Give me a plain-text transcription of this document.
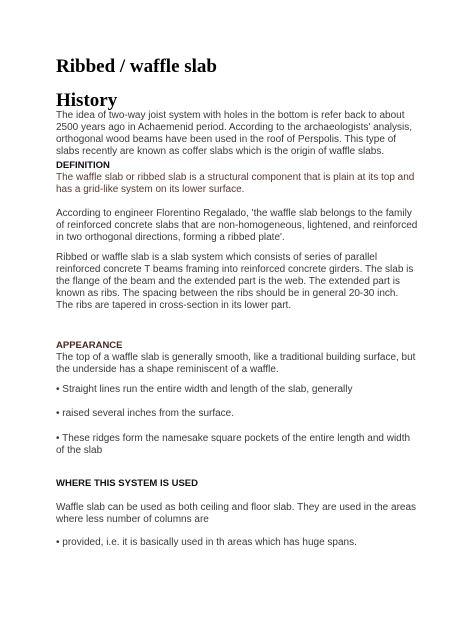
Ribbed / waffle slab
History

The idea of two-way joist system with holes in the bottom is refer back to about 2500 years ago in Achaemenid period. According to the archaeologists' analysis, orthogonal wood beams have been used in the roof of Perspolis. This type of slabs recently are known as coffer slabs which is the origin of waffle slabs.

DEFINITION

The waffle slab or ribbed slab is a structural component that is plain at its top and has a grid-like system on its lower surface.

According to engineer Florentino Regalado, 'the waffle slab belongs to the family of reinforced concrete slabs that are non-homogeneous, lightened, and reinforced in two orthogonal directions, forming a ribbed plate'.

Ribbed or waffle slab is a slab system which consists of series of parallel reinforced concrete T beams framing into reinforced concrete girders. The slab is the flange of the beam and the extended part is the web. The extended part is known as ribs. The spacing between the ribs should be in general 20-30 inch. The ribs are tapered in cross-section in its lower part.

APPEARANCE

The top of a waffle slab is generally smooth, like a traditional building surface, but the underside has a shape reminiscent of a waffle.

• Straight lines run the entire width and length of the slab, generally

• raised several inches from the surface.

• These ridges form the namesake square pockets of the entire length and width of the slab

WHERE THIS SYSTEM IS USED

Waffle slab can be used as both ceiling and floor slab. They are used in the areas where less number of columns are

• provided, i.e. it is basically used in th areas which has huge spans.
